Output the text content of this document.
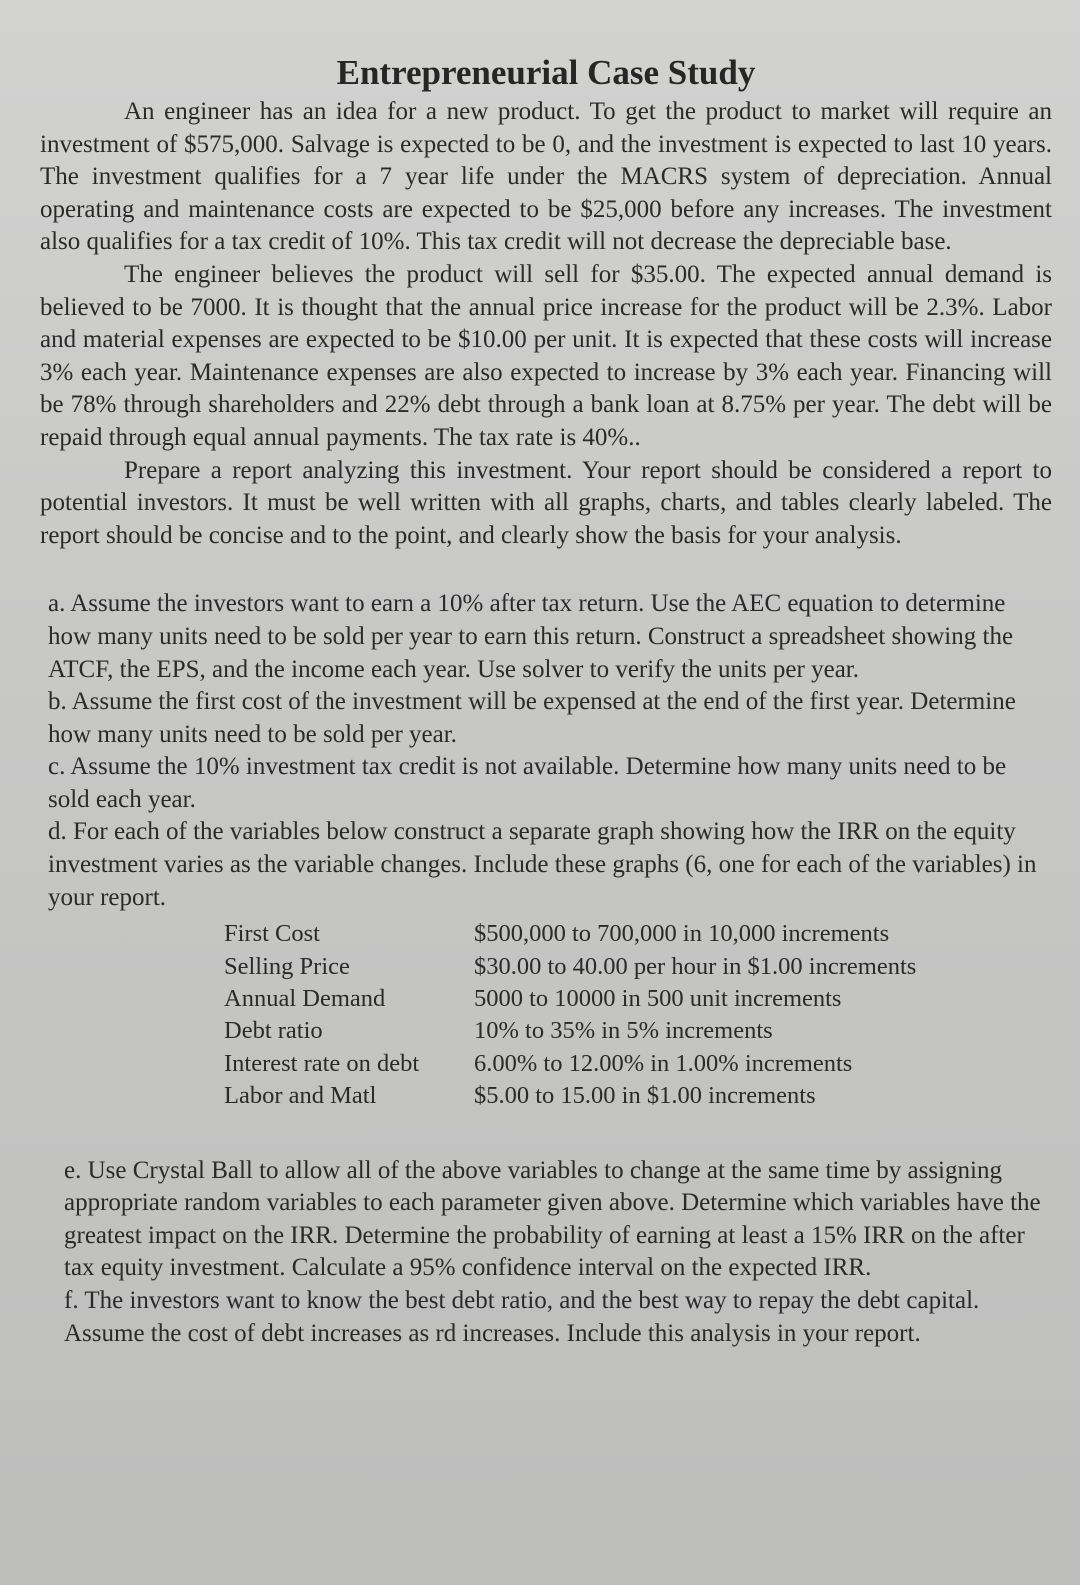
Entrepreneurial Case Study

An engineer has an idea for a new product. To get the product to market will require an investment of $575,000. Salvage is expected to be 0, and the investment is expected to last 10 years. The investment qualifies for a 7 year life under the MACRS system of depreciation. Annual operating and maintenance costs are expected to be $25,000 before any increases. The investment also qualifies for a tax credit of 10%. This tax credit will not decrease the depreciable base.

The engineer believes the product will sell for $35.00. The expected annual demand is believed to be 7000. It is thought that the annual price increase for the product will be 2.3%. Labor and material expenses are expected to be $10.00 per unit. It is expected that these costs will increase 3% each year. Maintenance expenses are also expected to increase by 3% each year. Financing will be 78% through shareholders and 22% debt through a bank loan at 8.75% per year. The debt will be repaid through equal annual payments. The tax rate is 40%..

Prepare a report analyzing this investment. Your report should be considered a report to potential investors. It must be well written with all graphs, charts, and tables clearly labeled. The report should be concise and to the point, and clearly show the basis for your analysis.

a. Assume the investors want to earn a 10% after tax return. Use the AEC equation to determine how many units need to be sold per year to earn this return. Construct a spreadsheet showing the ATCF, the EPS, and the income each year. Use solver to verify the units per year.

b. Assume the first cost of the investment will be expensed at the end of the first year. Determine how many units need to be sold per year.

c. Assume the 10% investment tax credit is not available. Determine how many units need to be sold each year.

d. For each of the variables below construct a separate graph showing how the IRR on the equity investment varies as the variable changes. Include these graphs (6, one for each of the variables) in your report.

First Cost	$500,000 to 700,000 in 10,000 increments
Selling Price	$30.00 to 40.00 per hour in $1.00 increments
Annual Demand	5000 to 10000 in 500 unit increments
Debt ratio	10% to 35% in 5% increments
Interest rate on debt	6.00% to 12.00% in 1.00% increments
Labor and Matl	$5.00 to 15.00 in $1.00 increments

e. Use Crystal Ball to allow all of the above variables to change at the same time by assigning appropriate random variables to each parameter given above. Determine which variables have the greatest impact on the IRR. Determine the probability of earning at least a 15% IRR on the after tax equity investment. Calculate a 95% confidence interval on the expected IRR.

f. The investors want to know the best debt ratio, and the best way to repay the debt capital. Assume the cost of debt increases as rd increases. Include this analysis in your report.
